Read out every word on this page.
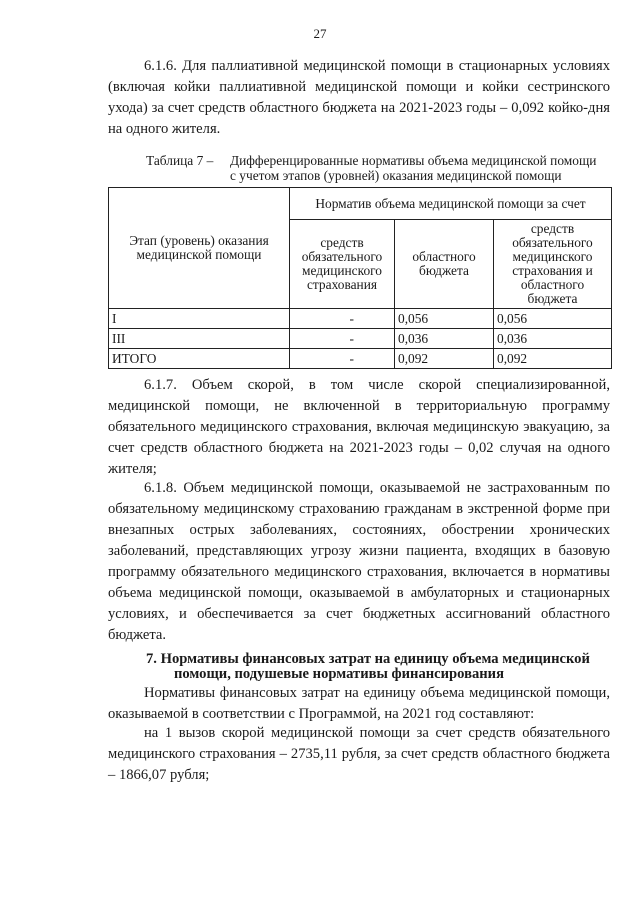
27

6.1.6. Для паллиативной медицинской помощи в стационарных условиях (включая койки паллиативной медицинской помощи и койки сестринского ухода) за счет средств областного бюджета на 2021-2023 годы – 0,092 койко-дня на одного жителя.

Таблица 7 – Дифференцированные нормативы объема медицинской помощи
с учетом этапов (уровней) оказания медицинской помощи
Этап (уровень) оказания медицинской помощи	Норматив объема медицинской помощи за счет		
	средств обязательного медицинского страхования	областного бюджета	средств обязательного медицинского страхования и областного бюджета
I	-	0,056	0,056
III	-	0,036	0,036
ИТОГО	-	0,092	0,092

6.1.7. Объем скорой, в том числе скорой специализированной, медицинской помощи, не включенной в территориальную программу обязательного медицинского страхования, включая медицинскую эвакуацию, за счет средств областного бюджета на 2021-2023 годы – 0,02 случая на одного жителя;

6.1.8. Объем медицинской помощи, оказываемой не застрахованным по обязательному медицинскому страхованию гражданам в экстренной форме при внезапных острых заболеваниях, состояниях, обострении хронических заболеваний, представляющих угрозу жизни пациента, входящих в базовую программу обязательного медицинского страхования, включается в нормативы объема медицинской помощи, оказываемой в амбулаторных и стационарных условиях, и обеспечивается за счет бюджетных ассигнований областного бюджета.

7. Нормативы финансовых затрат на единицу объема медицинской
помощи, подушевые нормативы финансирования

Нормативы финансовых затрат на единицу объема медицинской помощи, оказываемой в соответствии с Программой, на 2021 год составляют:

на 1 вызов скорой медицинской помощи за счет средств обязательного медицинского страхования – 2735,11 рубля, за счет средств областного бюджета – 1866,07 рубля;
